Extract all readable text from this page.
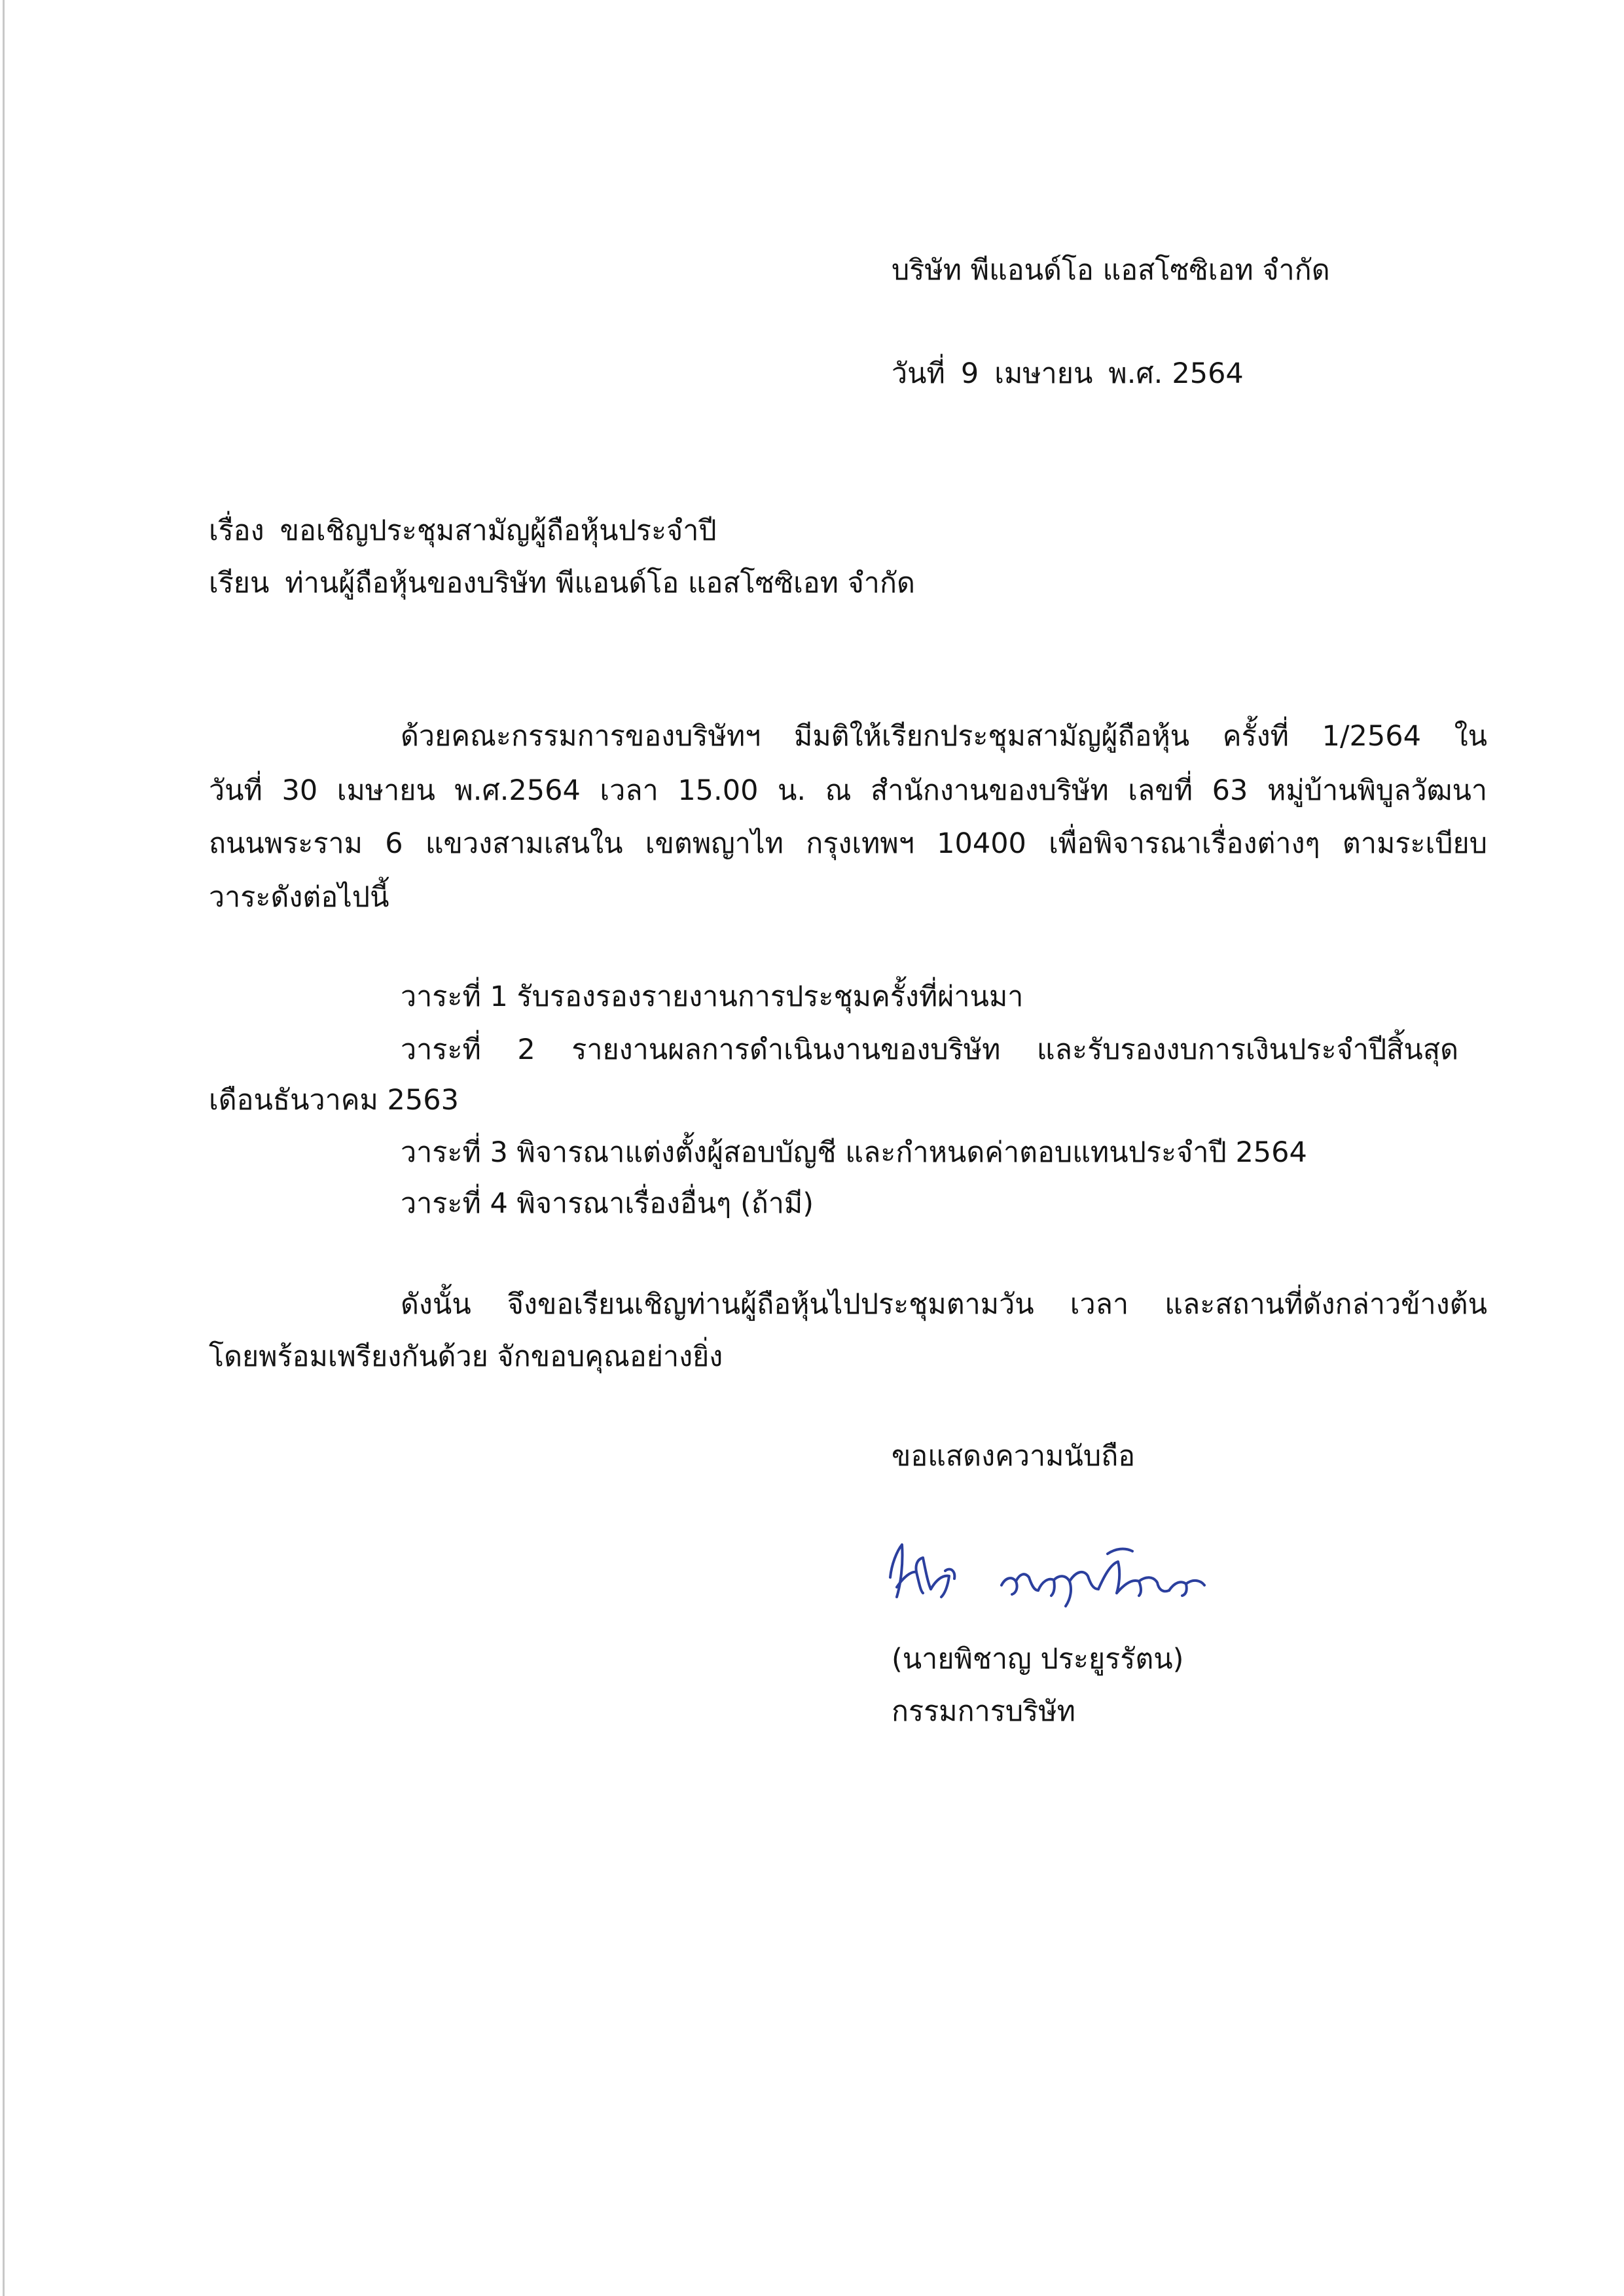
บริษัท พีแอนด์โอ แอสโซซิเอท จำกัด
วันที่ 9 เมษายน พ.ศ. 2564
เรื่อง ขอเชิญประชุมสามัญผู้ถือหุ้นประจำปี
เรียน ท่านผู้ถือหุ้นของบริษัท พีแอนด์โอ แอสโซซิเอท จำกัด
ด้วยคณะกรรมการของบริษัทฯ มีมติให้เรียกประชุมสามัญผู้ถือหุ้น ครั้งที่ 1/2564 ใน
วันที่ 30 เมษายน พ.ศ.2564 เวลา 15.00 น. ณ สำนักงานของบริษัท เลขที่ 63 หมู่บ้านพิบูลวัฒนา
ถนนพระราม 6 แขวงสามเสนใน เขตพญาไท กรุงเทพฯ 10400 เพื่อพิจารณาเรื่องต่างๆ ตามระเบียบ
วาระดังต่อไปนี้
วาระที่ 1 รับรองรองรายงานการประชุมครั้งที่ผ่านมา
วาระที่ 2 รายงานผลการดำเนินงานของบริษัท และรับรองงบการเงินประจำปีสิ้นสุด
เดือนธันวาคม 2563
วาระที่ 3 พิจารณาแต่งตั้งผู้สอบบัญชี และกำหนดค่าตอบแทนประจำปี 2564
วาระที่ 4 พิจารณาเรื่องอื่นๆ (ถ้ามี)
ดังนั้น จึงขอเรียนเชิญท่านผู้ถือหุ้นไปประชุมตามวัน เวลา และสถานที่ดังกล่าวข้างต้น
โดยพร้อมเพรียงกันด้วย จักขอบคุณอย่างยิ่ง
ขอแสดงความนับถือ
(นายพิชาญ ประยูรรัตน)
กรรมการบริษัท
